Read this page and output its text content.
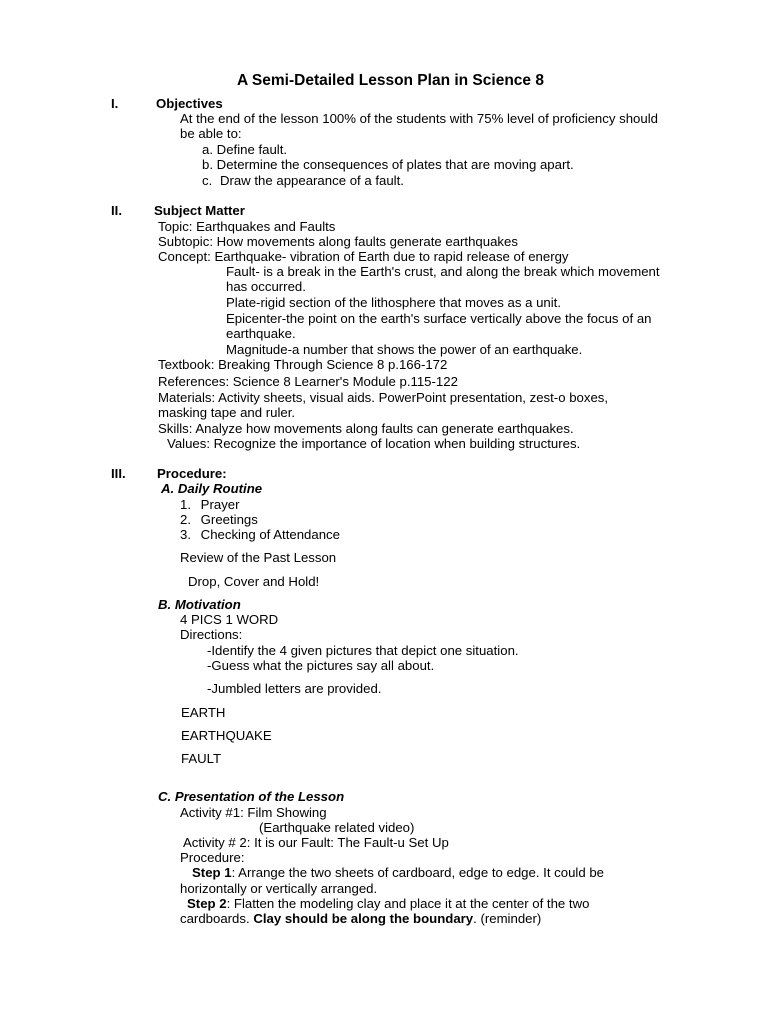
A Semi-Detailed Lesson Plan in Science 8
I.	Objectives
At the end of the lesson 100% of the students with 75% level of proficiency should
be able to:
a. Define fault.
b. Determine the consequences of plates that are moving apart.
c. Draw the appearance of a fault.
II. Subject Matter
Topic: Earthquakes and Faults
Subtopic: How movements along faults generate earthquakes
Concept: Earthquake- vibration of Earth due to rapid release of energy
Fault- is a break in the Earth's crust, and along the break which movement
has occurred.
Plate-rigid section of the lithosphere that moves as a unit.
Epicenter-the point on the earth's surface vertically above the focus of an
earthquake.
Magnitude-a number that shows the power of an earthquake.
Textbook: Breaking Through Science 8 p.166-172
References: Science 8 Learner's Module p.115-122
Materials: Activity sheets, visual aids. PowerPoint presentation, zest-o boxes,
masking tape and ruler.
Skills: Analyze how movements along faults can generate earthquakes.
Values: Recognize the importance of location when building structures.
III. Procedure:
A. Daily Routine
1. Prayer
2. Greetings
3. Checking of Attendance
Review of the Past Lesson
Drop, Cover and Hold!
B. Motivation
4 PICS 1 WORD
Directions:
-Identify the 4 given pictures that depict one situation.
-Guess what the pictures say all about.
-Jumbled letters are provided.
EARTH
EARTHQUAKE
FAULT
C. Presentation of the Lesson
Activity #1: Film Showing
(Earthquake related video)
Activity # 2: It is our Fault: The Fault-u Set Up
Procedure:
Step 1: Arrange the two sheets of cardboard, edge to edge. It could be
horizontally or vertically arranged.
Step 2: Flatten the modeling clay and place it at the center of the two
cardboards. Clay should be along the boundary. (reminder)
